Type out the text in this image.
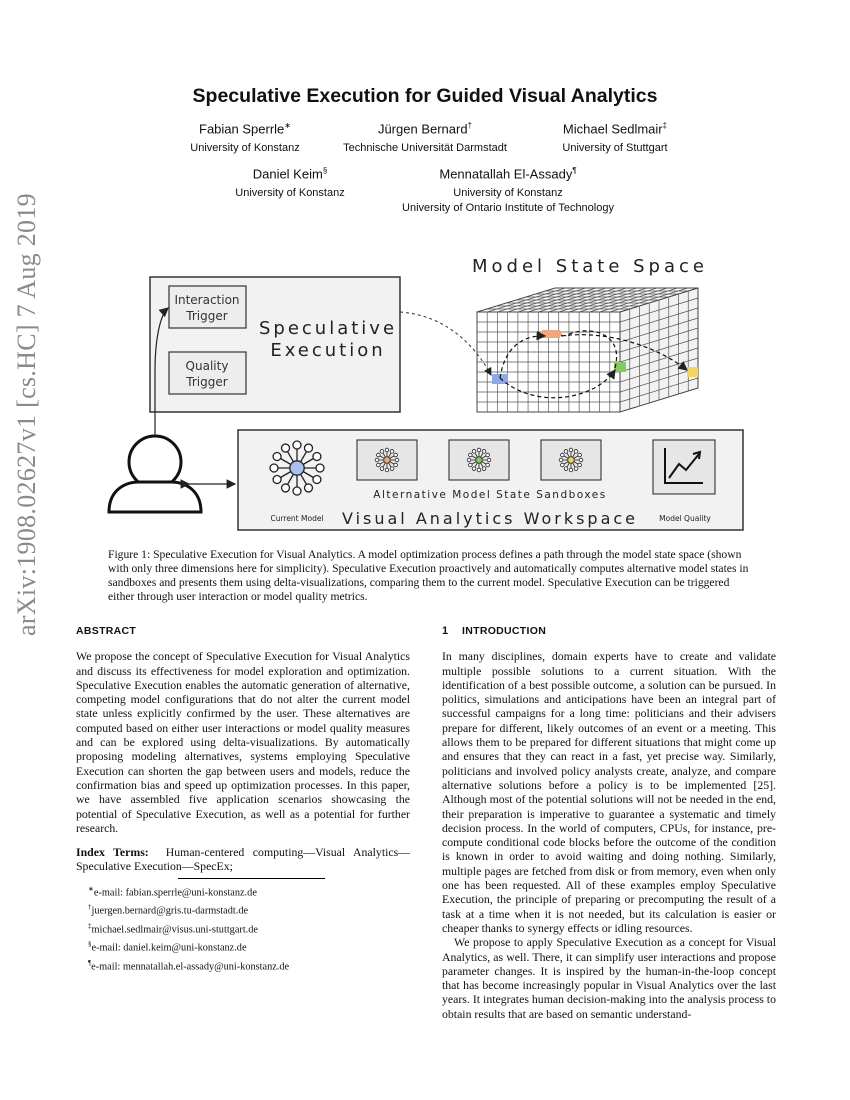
arXiv:1908.02627v1 [cs.HC] 7 Aug 2019
Speculative Execution for Guided Visual Analytics
Fabian Sperrle∗
University of Konstanz
Jürgen Bernard†
Technische Universität Darmstadt
Michael Sedlmair‡
University of Stuttgart
Daniel Keim§
University of Konstanz
Mennatallah El-Assady¶
University of Konstanz
University of Ontario Institute of Technology
Interaction
Trigger
Quality
Trigger
Speculative
Execution
Model State Space
Visual Analytics Workspace
Alternative Model State Sandboxes
Current Model	Model Quality
Figure 1: Speculative Execution for Visual Analytics. A model optimization process defines a path through the model state space (shown with only three dimensions here for simplicity). Speculative Execution proactively and automatically computes alternative model states in sandboxes and presents them using delta-visualizations, comparing them to the current model. Speculative Execution can be triggered either through user interaction or model quality metrics.
ABSTRACT

We propose the concept of Speculative Execution for Visual Analytics and discuss its effectiveness for model exploration and optimization. Speculative Execution enables the automatic generation of alternative, competing model configurations that do not alter the current model state unless explicitly confirmed by the user. These alternatives are computed based on either user interactions or model quality measures and can be explored using delta-visualizations. By automatically proposing modeling alternatives, systems employing Speculative Execution can shorten the gap between users and models, reduce the confirmation bias and speed up optimization processes. In this paper, we have assembled five application scenarios showcasing the potential of Speculative Execution, as well as a potential for further research.

Index Terms: Human-centered computing—Visual Analytics—Speculative Execution—SpecEx;

∗e-mail: fabian.sperrle@uni-konstanz.de
†juergen.bernard@gris.tu-darmstadt.de
‡michael.sedlmair@visus.uni-stuttgart.de
§e-mail: daniel.keim@uni-konstanz.de
¶e-mail: mennatallah.el-assady@uni-konstanz.de
1 INTRODUCTION

In many disciplines, domain experts have to create and validate multiple possible solutions to a current situation. With the identification of a best possible outcome, a solution can be pursued. In politics, simulations and anticipations have been an integral part of successful campaigns for a long time: politicians and their advisers prepare for different, likely outcomes of an event or a meeting. This allows them to be prepared for different situations that might come up and ensures that they can react in a fast, yet precise way. Similarly, politicians and involved policy analysts create, analyze, and compare alternative solutions before a policy is to be implemented [25]. Although most of the potential solutions will not be needed in the end, their preparation is imperative to guarantee a systematic and timely decision process. In the world of computers, CPUs, for instance, pre-compute conditional code blocks before the outcome of the condition is known in order to avoid waiting and doing nothing. Similarly, multiple pages are fetched from disk or from memory, even when only one has been requested. All of these examples employ Speculative Execution, the principle of preparing or precomputing the result of a task at a time when it is not needed, but its calculation is easier or cheaper thanks to synergy effects or idling resources.

We propose to apply Speculative Execution as a concept for Visual Analytics, as well. There, it can simplify user interactions and propose parameter changes. It is inspired by the human-in-the-loop concept that has become increasingly popular in Visual Analytics over the last years. It integrates human decision-making into the analysis process to obtain results that are based on semantic understand-
